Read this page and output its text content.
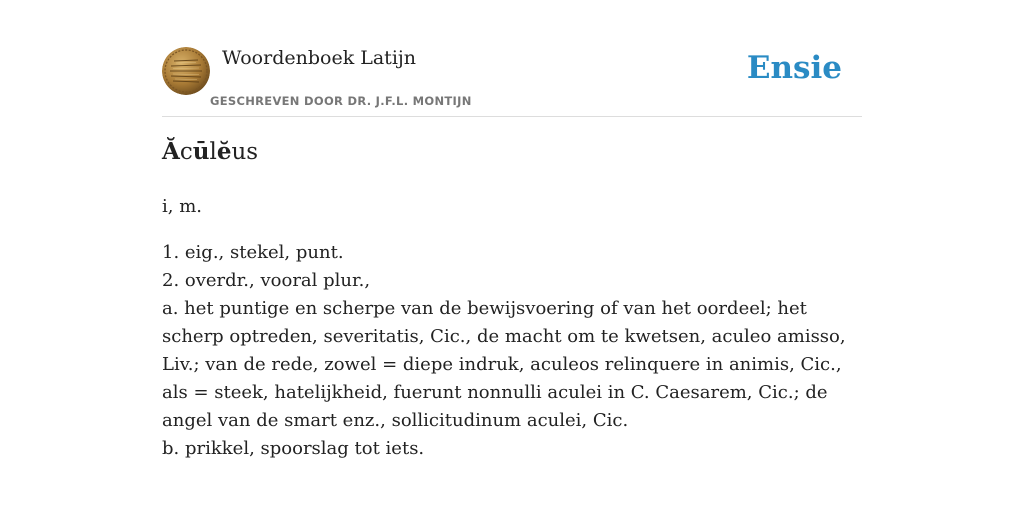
Woordenboek Latijn
GESCHREVEN DOOR DR. J.F.L. MONTIJN
Ensie
Ăcūlĕus

i, m.

1. eig., stekel, punt.
2. overdr., vooral plur.,
a. het puntige en scherpe van de bewijsvoering of van het oordeel; het scherp optreden, severitatis, Cic., de macht om te kwetsen, aculeo amisso, Liv.; van de rede, zowel = diepe indruk, aculeos relinquere in animis, Cic., als = steek, hatelijkheid, fuerunt nonnulli aculei in C. Caesarem, Cic.; de angel van de smart enz., sollicitudinum aculei, Cic.
b. prikkel, spoorslag tot iets.
